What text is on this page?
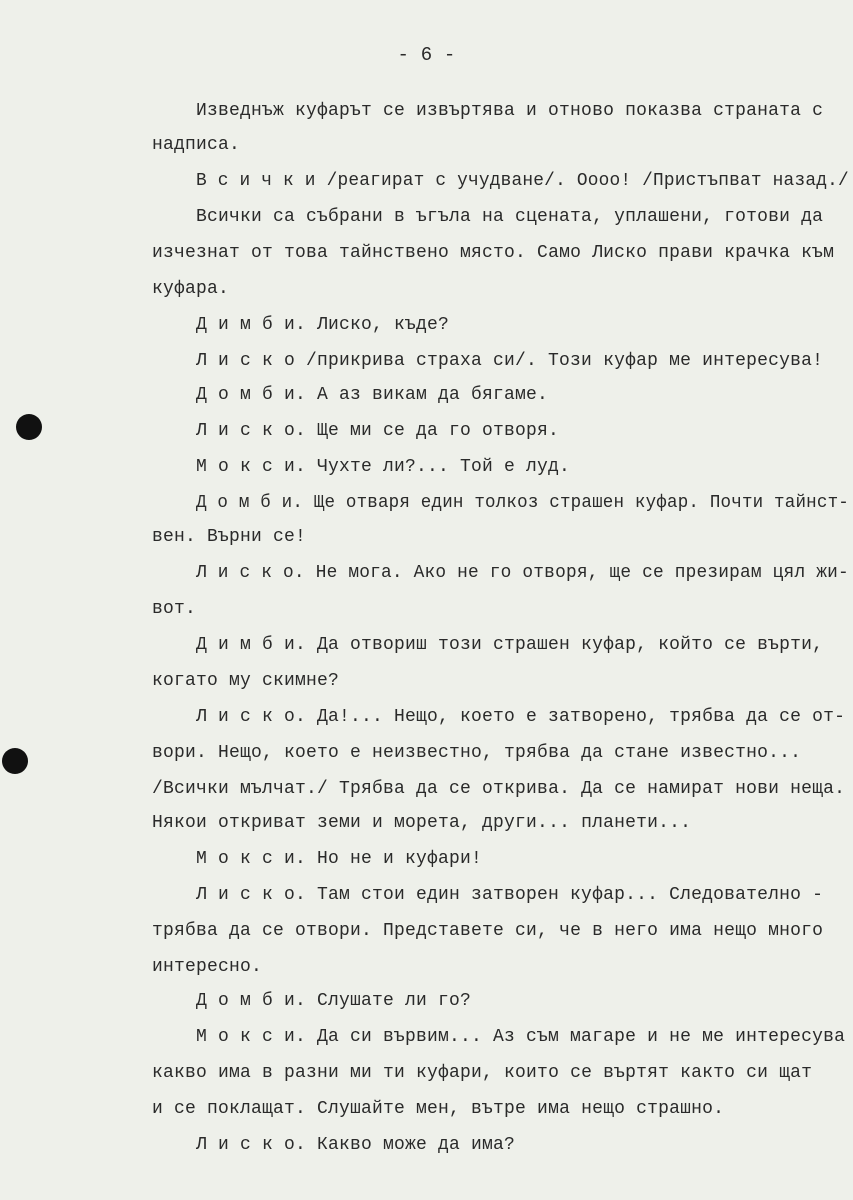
- 6 -
Изведнъж куфарът се извъртява и отново показва страната с
надписа.
В с и ч к и /реагират с учудване/. Оооо! /Пристъпват назад./
Всички са събрани в ъгъла на сцената, уплашени, готови да
изчезнат от това тайнствено място. Само Лиско прави крачка към
куфара.
Д и м б и. Лиско, къде?
Л и с к о /прикрива страха си/. Този куфар ме интересува!
Д о м б и. А аз викам да бягаме.
Л и с к о. Ще ми се да го отворя.
М о к с и. Чухте ли?... Той е луд.
Д о м б и. Ще отваря един толкоз страшен куфар. Почти тайнст-
вен. Върни се!
Л и с к о. Не мога. Ако не го отворя, ще се презирам цял жи-
вот.
Д и м б и. Да отвориш този страшен куфар, който се върти,
когато му скимне?
Л и с к о. Да!... Нещо, което е затворено, трябва да се от-
вори. Нещо, което е неизвестно, трябва да стане известно...
/Всички мълчат./ Трябва да се открива. Да се намират нови неща.
Някои откриват земи и морета, други... планети...
М о к с и. Но не и куфари!
Л и с к о. Там стои един затворен куфар... Следователно -
трябва да се отвори. Представете си, че в него има нещо много
интересно.
Д о м б и. Слушате ли го?
М о к с и. Да си вървим... Аз съм магаре и не ме интересува
какво има в разни ми ти куфари, които се въртят както си щат
и се поклащат. Слушайте мен, вътре има нещо страшно.
Л и с к о. Какво може да има?
